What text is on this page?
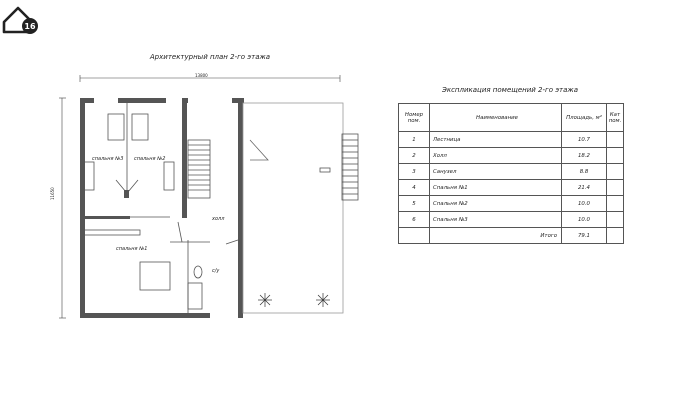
16
Архитектурный план 2-го этажа
спальня №3 спальня №2
спальня №1
холл
с/у
13800
11650
Экспликация помещений 2-го этажа
Номер пом.	Наименование	Площадь, м²	Кат пом.
1	Лестница	10.7	
2	Холл	18.2	
3	Санузел	8.8	
4	Спальня №1	21.4	
5	Спальня №2	10.0	
6	Спальня №3	10.0	
	Итого	79.1	
